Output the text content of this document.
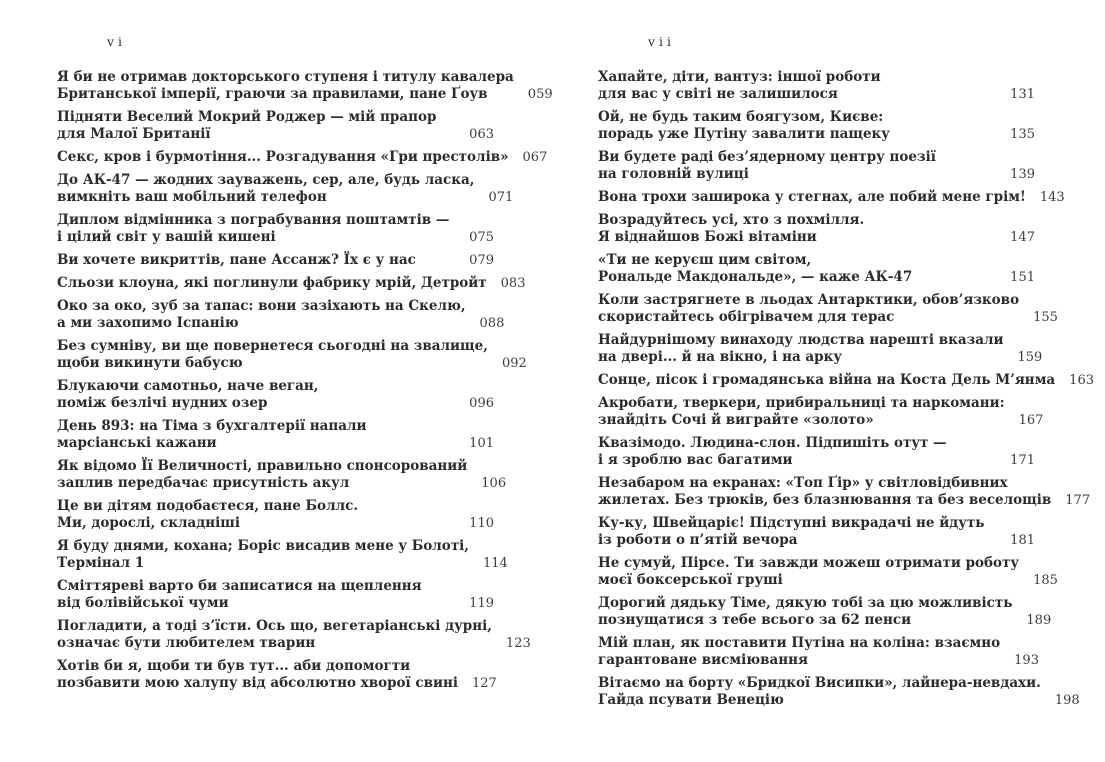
vi
Я би не отримав докторського ступеня і титулу кавалера
Британської імперії, граючи за правилами, пане Ґоув	059
Підняти Веселий Мокрий Роджер — мій прапор
для Малої Британії	063
Секс, кров і бурмотіння... Розгадування «Гри престолів»	067
До АК-47 — жодних зауважень, сер, але, будь ласка,
вимкніть ваш мобільний телефон	071
Диплом відмінника з пограбування поштамтів —
і цілий світ у вашій кишені	075
Ви хочете викриттів, пане Ассанж? Їх є у нас	079
Сльози клоуна, які поглинули фабрику мрій, Детройт	083
Око за око, зуб за тапас: вони зазіхають на Скелю,
а ми захопимо Іспанію	088
Без сумніву, ви ще повернетеся сьогодні на звалище,
щоби викинути бабусю	092
Блукаючи самотньо, наче веган,
поміж безлічі нудних озер	096
День 893: на Тіма з бухгалтерії напали
марсіанські кажани	101
Як відомо Її Величності, правильно спонсорований
заплив передбачає присутність акул	106
Це ви дітям подобаєтеся, пане Боллс.
Ми, дорослі, складніші	110
Я буду днями, кохана; Боріс висадив мене у Болоті,
Термінал 1	114
Сміттяреві варто би записатися на щеплення
від болівійської чуми	119
Погладити, а тоді з’їсти. Ось що, вегетаріанські дурні,
означає бути любителем тварин	123
Хотів би я, щоби ти був тут... аби допомогти
позбавити мою халупу від абсолютно хворої свині	127
vii
Хапайте, діти, вантуз: іншої роботи
для вас у світі не залишилося	131
Ой, не будь таким боягузом, Києве:
порадь уже Путіну завалити пащеку	135
Ви будете раді без’ядерному центру поезії
на головній вулиці	139
Вона трохи заширока у стегнах, але побий мене грім!	143
Возрадуйтесь усі, хто з похмілля.
Я віднайшов Божі вітаміни	147
«Ти не керуєш цим світом,
Рональде Макдональде», — каже АК-47	151
Коли застрягнете в льодах Антарктики, обов’язково
скористайтесь обігрівачем для терас	155
Найдурнішому винаходу людства нарешті вказали
на двері... й на вікно, і на арку	159
Сонце, пісок і громадянська війна на Коста Дель М’янма	163
Акробати, тверкери, прибиральниці та наркомани:
знайдіть Сочі й виграйте «золото»	167
Квазімодо. Людина-слон. Підпишіть отут —
і я зроблю вас багатими	171
Незабаром на екранах: «Топ Ґір» у світловідбивних
жилетах. Без трюків, без блазнювання та без веселощів	177
Ку-ку, Швейцаріє! Підступні викрадачі не йдуть
із роботи о п’ятій вечора	181
Не сумуй, Пірсе. Ти завжди можеш отримати роботу
моєї боксерської груші	185
Дорогий дядьку Тіме, дякую тобі за цю можливість
познущатися з тебе всього за 62 пенси	189
Мій план, як поставити Путіна на коліна: взаємно
гарантоване висміювання	193
Вітаємо на борту «Бридкої Висипки», лайнера-невдахи.
Гайда псувати Венецію	198
